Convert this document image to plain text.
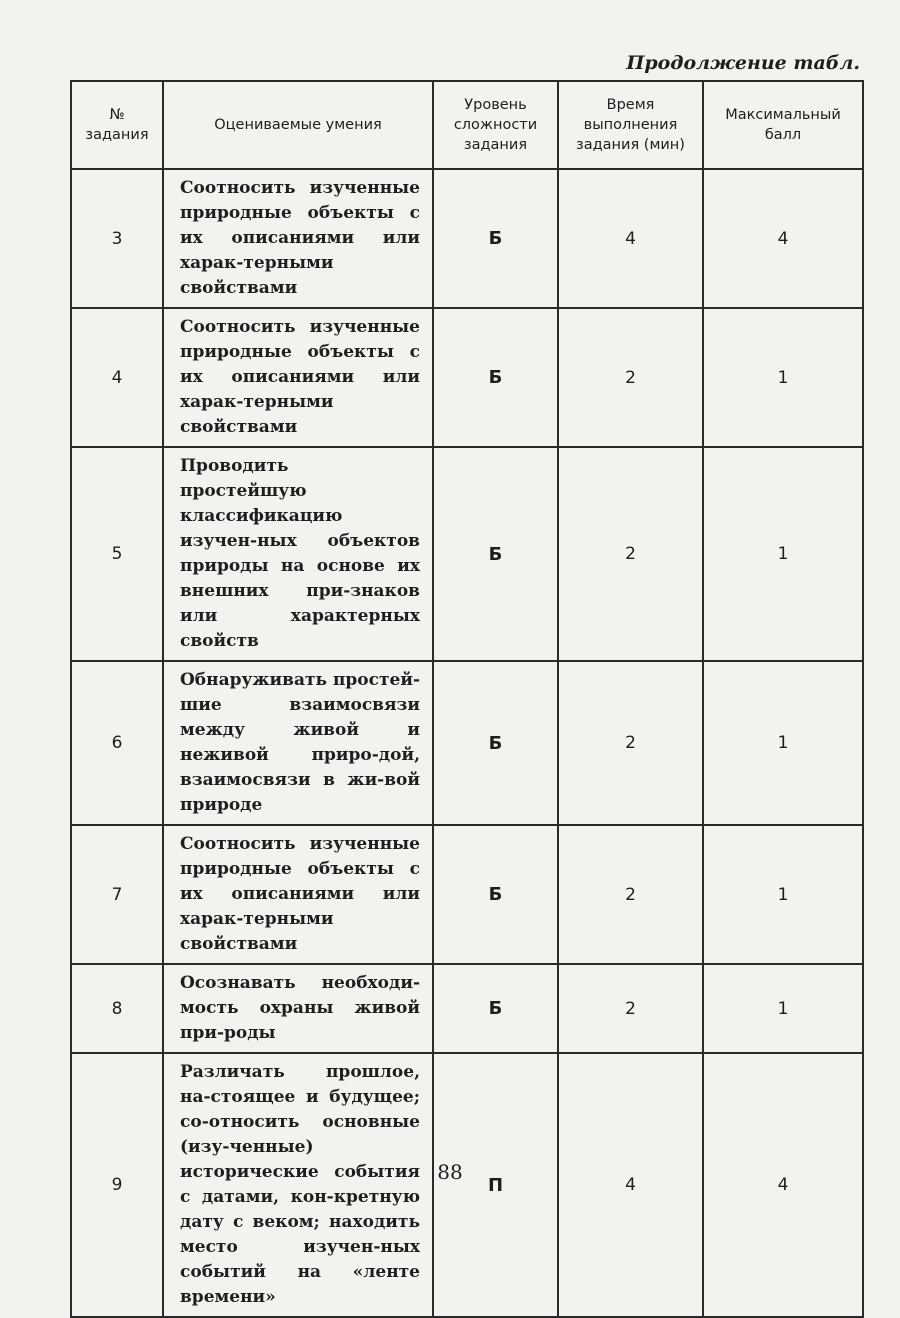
Продолжение табл.
№ задания	Оцениваемые умения	Уровень сложности задания	Время выполнения задания (мин)	Максимальный балл
3	Соотносить изученные природные объекты с их описаниями или харак-терными свойствами	Б	4	4
4	Соотносить изученные природные объекты с их описаниями или харак-терными свойствами	Б	2	1
5	Проводить простейшую классификацию изучен-ных объектов природы на основе их внешних при-знаков или характерных свойств	Б	2	1
6	Обнаруживать простей-шие взаимосвязи между живой и неживой приро-дой, взаимосвязи в жи-вой природе	Б	2	1
7	Соотносить изученные природные объекты с их описаниями или харак-терными свойствами	Б	2	1
8	Осознавать необходи-мость охраны живой при-роды	Б	2	1
9	Различать прошлое, на-стоящее и будущее; со-относить основные (изу-ченные) исторические события с датами, кон-кретную дату с веком; находить место изучен-ных событий на «ленте времени»	П	4	4
88
